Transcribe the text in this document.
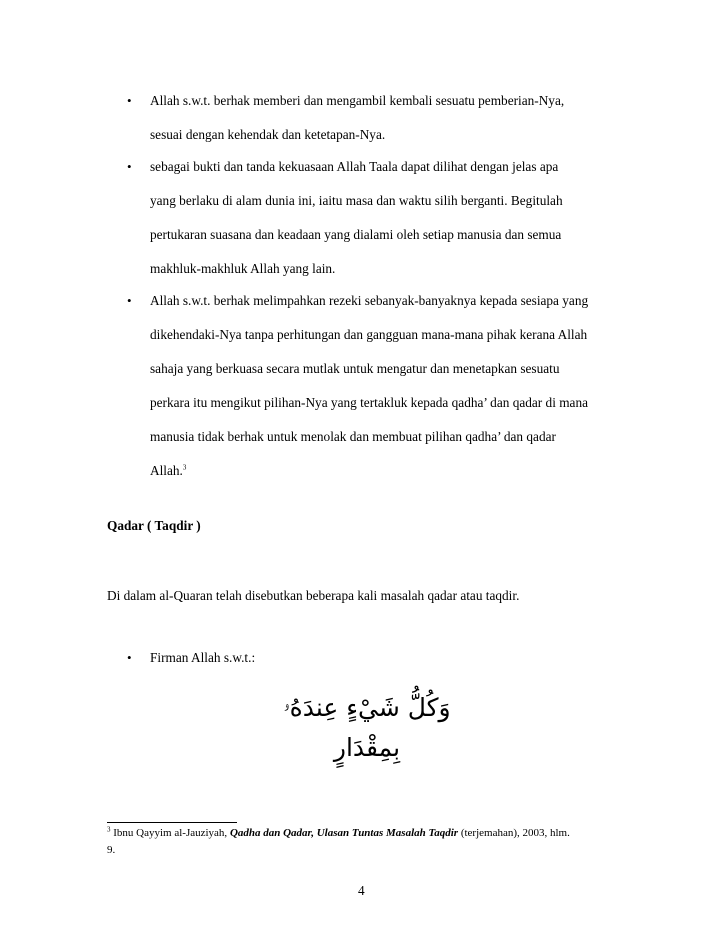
• Allah s.w.t. berhak memberi dan mengambil kembali sesuatu pemberian-Nya,
sesuai dengan kehendak dan ketetapan-Nya.
• sebagai bukti dan tanda kekuasaan Allah Taala dapat dilihat dengan jelas apa
yang berlaku di alam dunia ini, iaitu masa dan waktu silih berganti. Begitulah
pertukaran suasana dan keadaan yang dialami oleh setiap manusia dan semua
makhluk-makhluk Allah yang lain.
• Allah s.w.t. berhak melimpahkan rezeki sebanyak-banyaknya kepada sesiapa yang
dikehendaki-Nya tanpa perhitungan dan gangguan mana-mana pihak kerana Allah
sahaja yang berkuasa secara mutlak untuk mengatur dan menetapkan sesuatu
perkara itu mengikut pilihan-Nya yang tertakluk kepada qadha’ dan qadar di mana
manusia tidak berhak untuk menolak dan membuat pilihan qadha’ dan qadar
Allah.$^3$
Qadar ( Taqdir )
Di dalam al-Quaran telah disebutkan beberapa kali masalah qadar atau taqdir.
• Firman Allah s.w.t.:
وَكُلُّ شَيْءٍ عِندَهُۥ بِمِقْدَارٍ
$^3$ Ibnu Qayyim al-Jauziyah, Qadha dan Qadar, Ulasan Tuntas Masalah Taqdir (terjemahan), 2003, hlm.
9.
4
